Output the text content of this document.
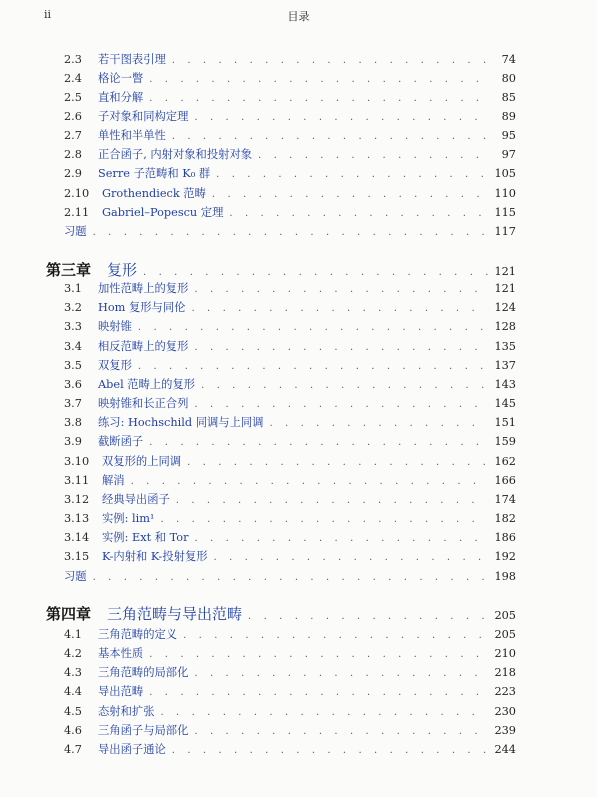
ii	目录
2.3	若干图表引理 . . .	74
2.4	格论一瞥 . . .	80
2.5	直和分解 . . .	85
2.6	子对象和同构定理 . . .	89
2.7	单性和半单性 . . .	95
2.8	正合函子, 内射对象和投射对象 . . .	97
2.9	Serre 子范畴和 K₀ 群 . . .	105
2.10	Grothendieck 范畴 . . .	110
2.11	Gabriel–Popescu 定理 . . .	115
习题 . . .	117
第三章 复形 . . .	121
3.1	加性范畴上的复形 . . .	121
3.2	Hom 复形与同伦 . . .	124
3.3	映射锥 . . .	128
3.4	相反范畴上的复形 . . .	135
3.5	双复形 . . .	137
3.6	Abel 范畴上的复形 . . .	143
3.7	映射锥和长正合列 . . .	145
3.8	练习: Hochschild 同调与上同调 . . .	151
3.9	截断函子 . . .	159
3.10	双复形的上同调 . . .	162
3.11	解消 . . .	166
3.12	经典导出函子 . . .	174
3.13	实例: lim¹ . . .	182
3.14	实例: Ext 和 Tor . . .	186
3.15	K-内射和 K-投射复形 . . .	192
习题 . . .	198
第四章 三角范畴与导出范畴 . . .	205
4.1	三角范畴的定义 . . .	205
4.2	基本性质 . . .	210
4.3	三角范畴的局部化 . . .	218
4.4	导出范畴 . . .	223
4.5	态射和扩张 . . .	230
4.6	三角函子与局部化 . . .	239
4.7	导出函子通论 . . .	244
